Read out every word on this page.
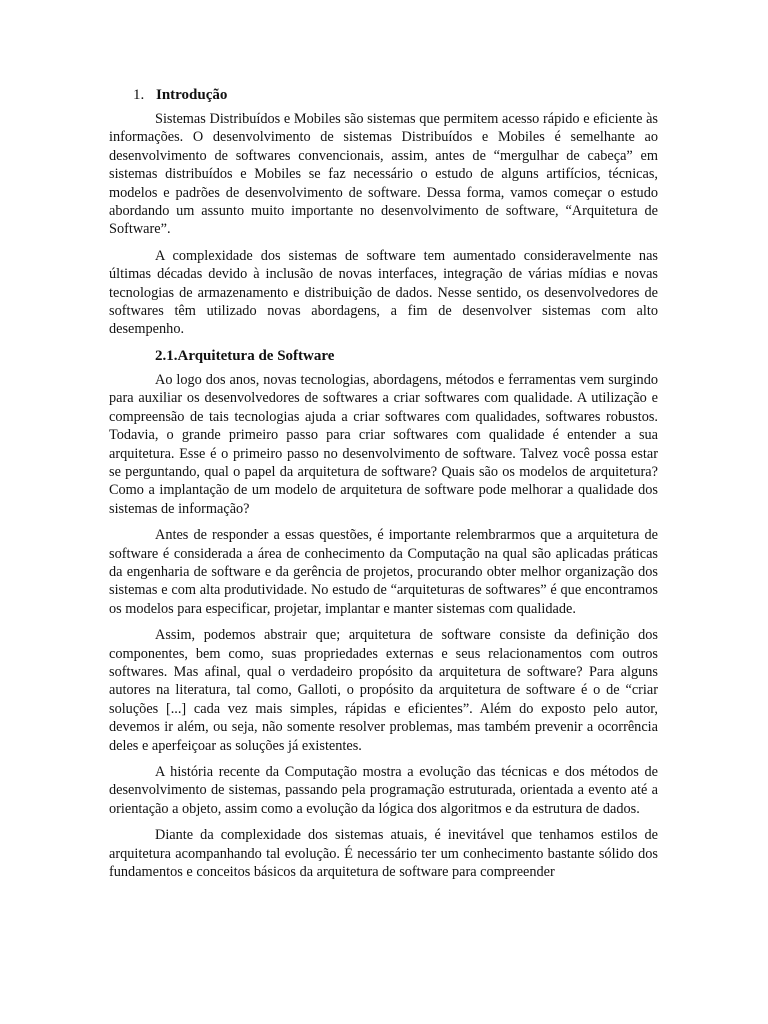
1. Introdução

Sistemas Distribuídos e Mobiles são sistemas que permitem acesso rápido e eficiente às informações. O desenvolvimento de sistemas Distribuídos e Mobiles é semelhante ao desenvolvimento de softwares convencionais, assim, antes de “mergulhar de cabeça” em sistemas distribuídos e Mobiles se faz necessário o estudo de alguns artifícios, técnicas, modelos e padrões de desenvolvimento de software. Dessa forma, vamos começar o estudo abordando um assunto muito importante no desenvolvimento de software, “Arquitetura de Software”.

A complexidade dos sistemas de software tem aumentado consideravelmente nas últimas décadas devido à inclusão de novas interfaces, integração de várias mídias e novas tecnologias de armazenamento e distribuição de dados. Nesse sentido, os desenvolvedores de softwares têm utilizado novas abordagens, a fim de desenvolver sistemas com alto desempenho.

2.1.Arquitetura de Software

Ao logo dos anos, novas tecnologias, abordagens, métodos e ferramentas vem surgindo para auxiliar os desenvolvedores de softwares a criar softwares com qualidade. A utilização e compreensão de tais tecnologias ajuda a criar softwares com qualidades, softwares robustos. Todavia, o grande primeiro passo para criar softwares com qualidade é entender a sua arquitetura. Esse é o primeiro passo no desenvolvimento de software. Talvez você possa estar se perguntando, qual o papel da arquitetura de software? Quais são os modelos de arquitetura? Como a implantação de um modelo de arquitetura de software pode melhorar a qualidade dos sistemas de informação?

Antes de responder a essas questões, é importante relembrarmos que a arquitetura de software é considerada a área de conhecimento da Computação na qual são aplicadas práticas da engenharia de software e da gerência de projetos, procurando obter melhor organização dos sistemas e com alta produtividade. No estudo de “arquiteturas de softwares” é que encontramos os modelos para especificar, projetar, implantar e manter sistemas com qualidade.

Assim, podemos abstrair que; arquitetura de software consiste da definição dos componentes, bem como, suas propriedades externas e seus relacionamentos com outros softwares. Mas afinal, qual o verdadeiro propósito da arquitetura de software? Para alguns autores na literatura, tal como, Galloti, o propósito da arquitetura de software é o de “criar soluções [...] cada vez mais simples, rápidas e eficientes”. Além do exposto pelo autor, devemos ir além, ou seja, não somente resolver problemas, mas também prevenir a ocorrência deles e aperfeiçoar as soluções já existentes.

A história recente da Computação mostra a evolução das técnicas e dos métodos de desenvolvimento de sistemas, passando pela programação estruturada, orientada a evento até a orientação a objeto, assim como a evolução da lógica dos algoritmos e da estrutura de dados.

Diante da complexidade dos sistemas atuais, é inevitável que tenhamos estilos de arquitetura acompanhando tal evolução. É necessário ter um conhecimento bastante sólido dos fundamentos e conceitos básicos da arquitetura de software para compreender
